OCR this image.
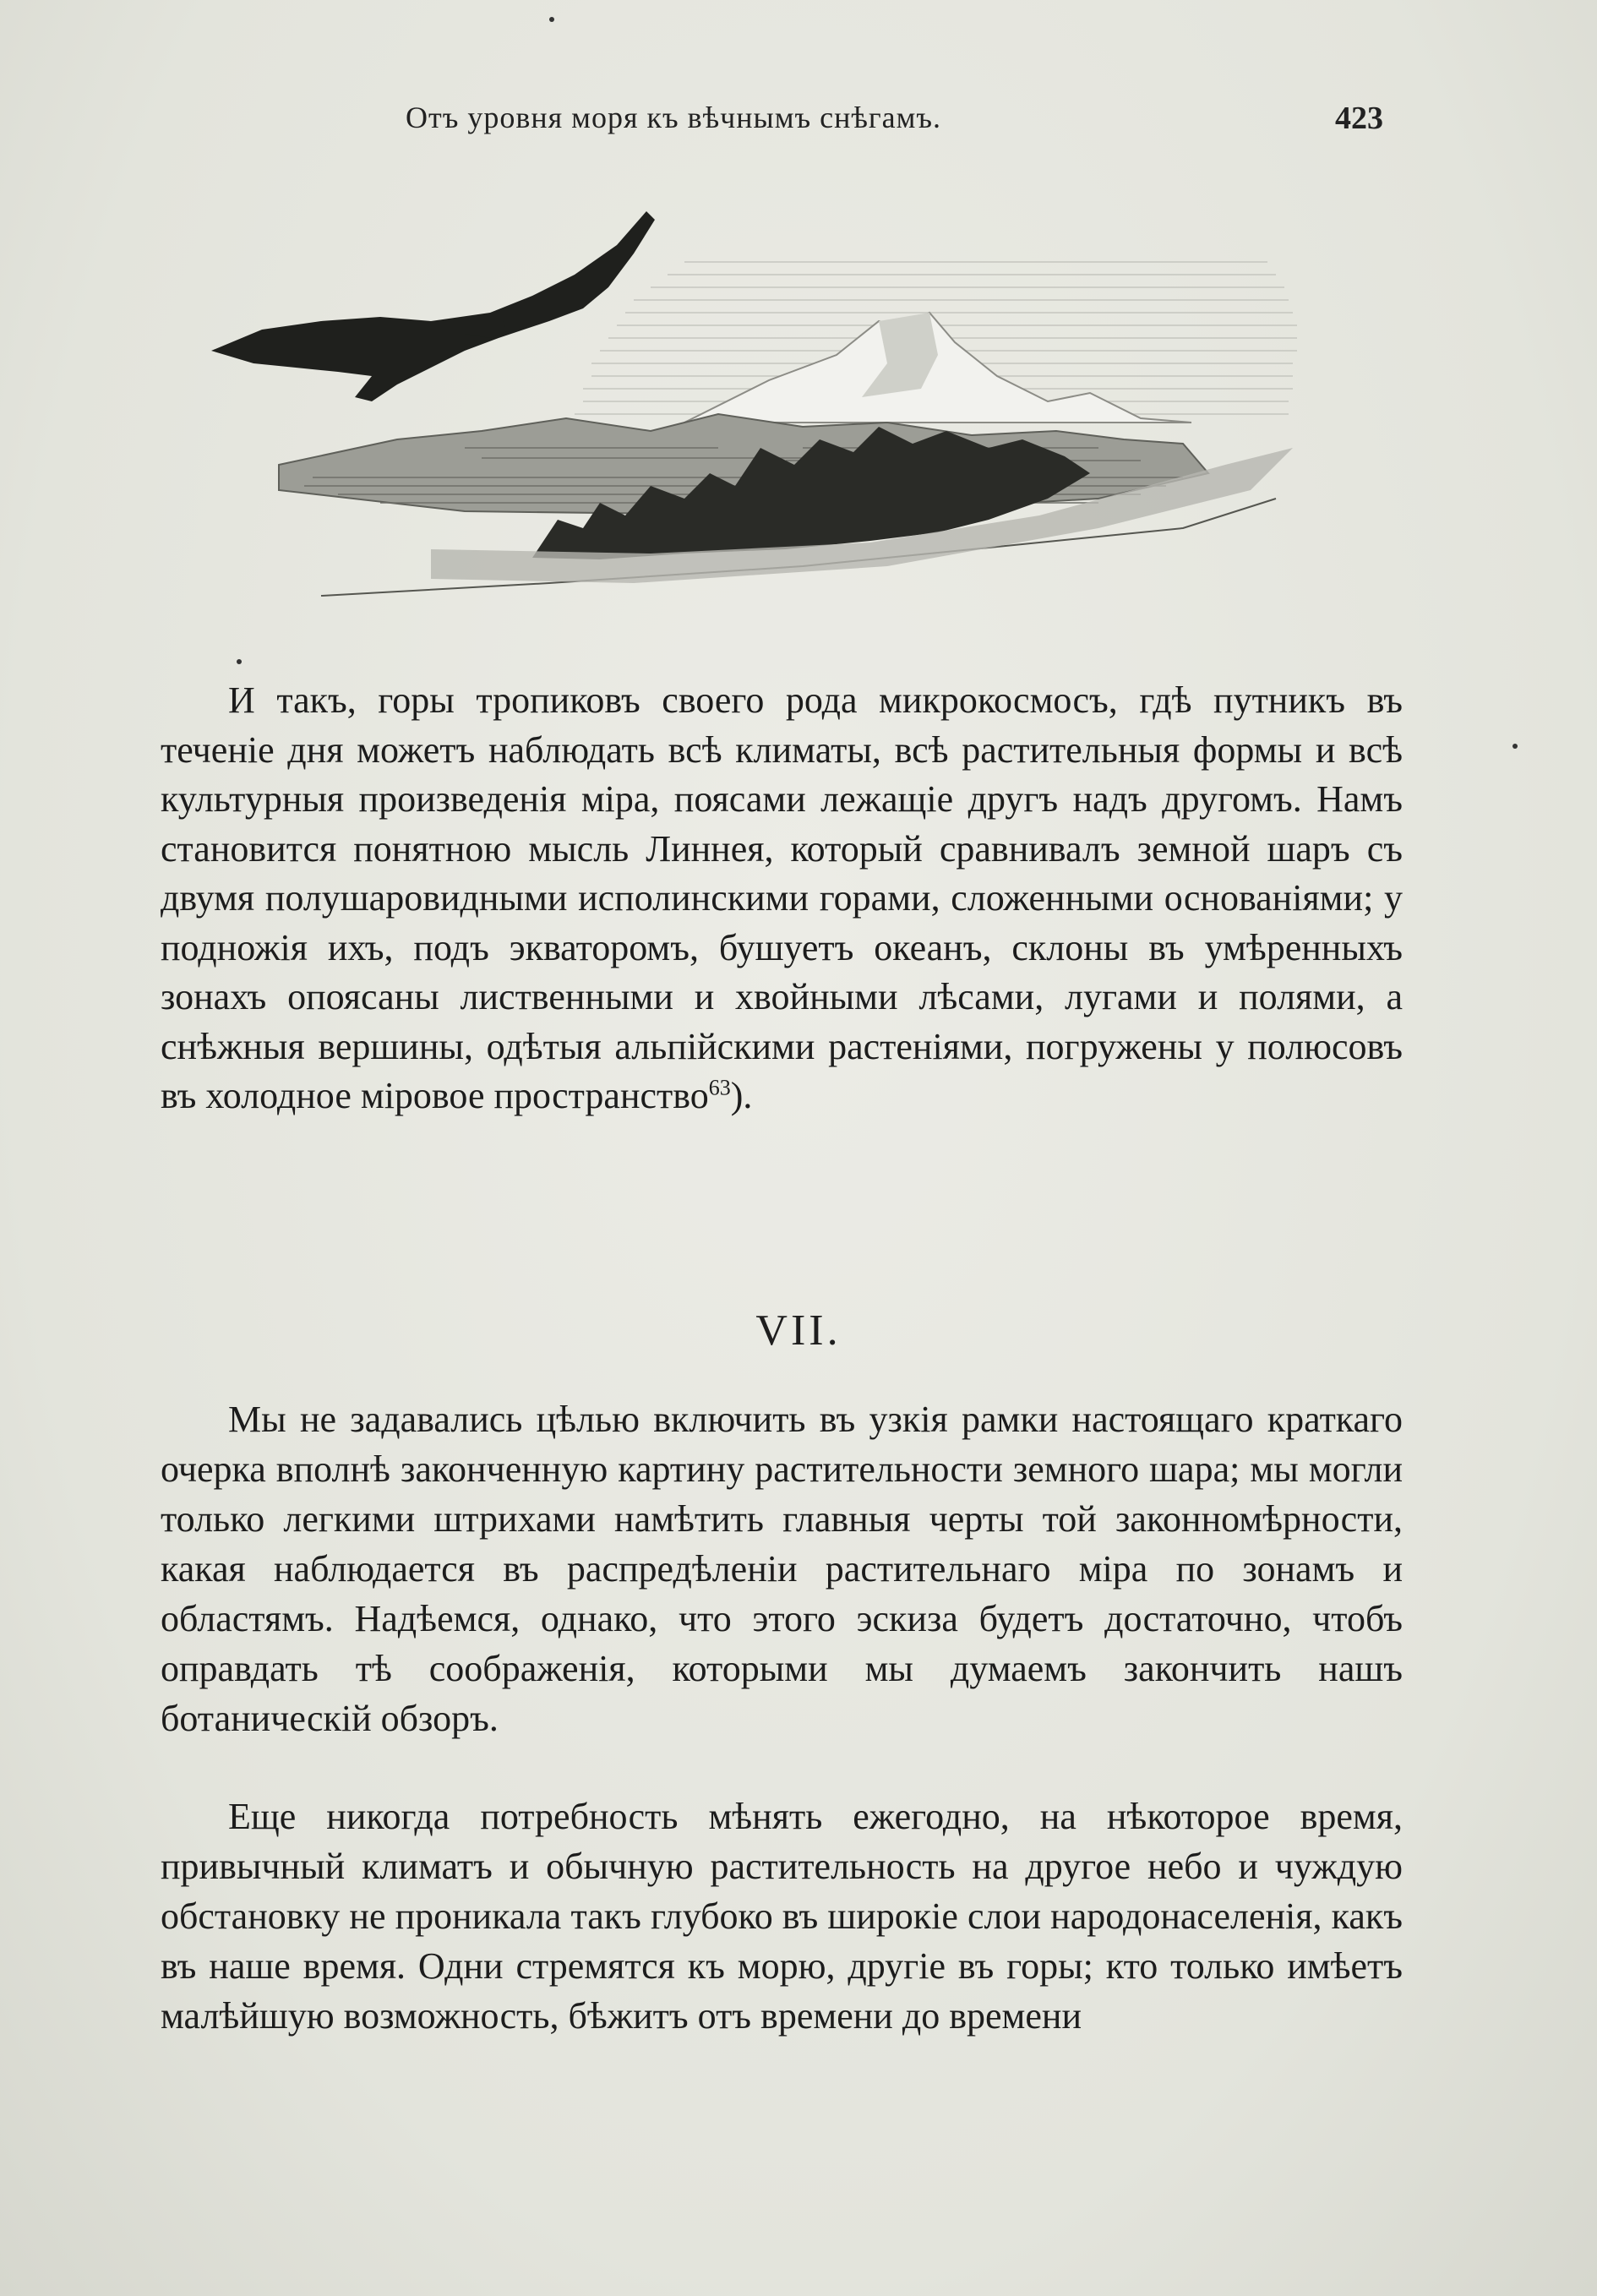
Отъ уровня моря къ вѣчнымъ снѣгамъ.	423

И такъ, горы тропиковъ своего рода микрокосмосъ, гдѣ путникъ въ теченіе дня можетъ наблюдать всѣ климаты, всѣ растительныя формы и всѣ культурныя произведенія міра, поясами лежащіе другъ надъ другомъ. Намъ становится понятною мысль Линнея, который сравнивалъ земной шаръ съ двумя полушаровидными исполинскими горами, сложенными основаніями; у подножія ихъ, подъ экваторомъ, бушуетъ океанъ, склоны въ умѣренныхъ зонахъ опоясаны лиственными и хвойными лѣсами, лугами и полями, а снѣжныя вершины, одѣтыя альпійскими растеніями, погружены у полюсовъ въ холодное міровое пространство$^{63}$).

VII.

Мы не задавались цѣлью включить въ узкія рамки настоящаго краткаго очерка вполнѣ законченную картину растительности земного шара; мы могли только легкими штрихами намѣтить главныя черты той законномѣрности, какая наблюдается въ распредѣленіи растительнаго міра по зонамъ и областямъ. Надѣемся, однако, что этого эскиза будетъ достаточно, чтобъ оправдать тѣ соображенія, которыми мы думаемъ закончить нашъ ботаническій обзоръ.

Еще никогда потребность мѣнять ежегодно, на нѣкоторое время, привычный климатъ и обычную растительность на другое небо и чуждую обстановку не проникала такъ глубоко въ широкіе слои народонаселенія, какъ въ наше время. Одни стремятся къ морю, другіе въ горы; кто только имѣетъ малѣйшую возможность, бѣжитъ отъ времени до времени
